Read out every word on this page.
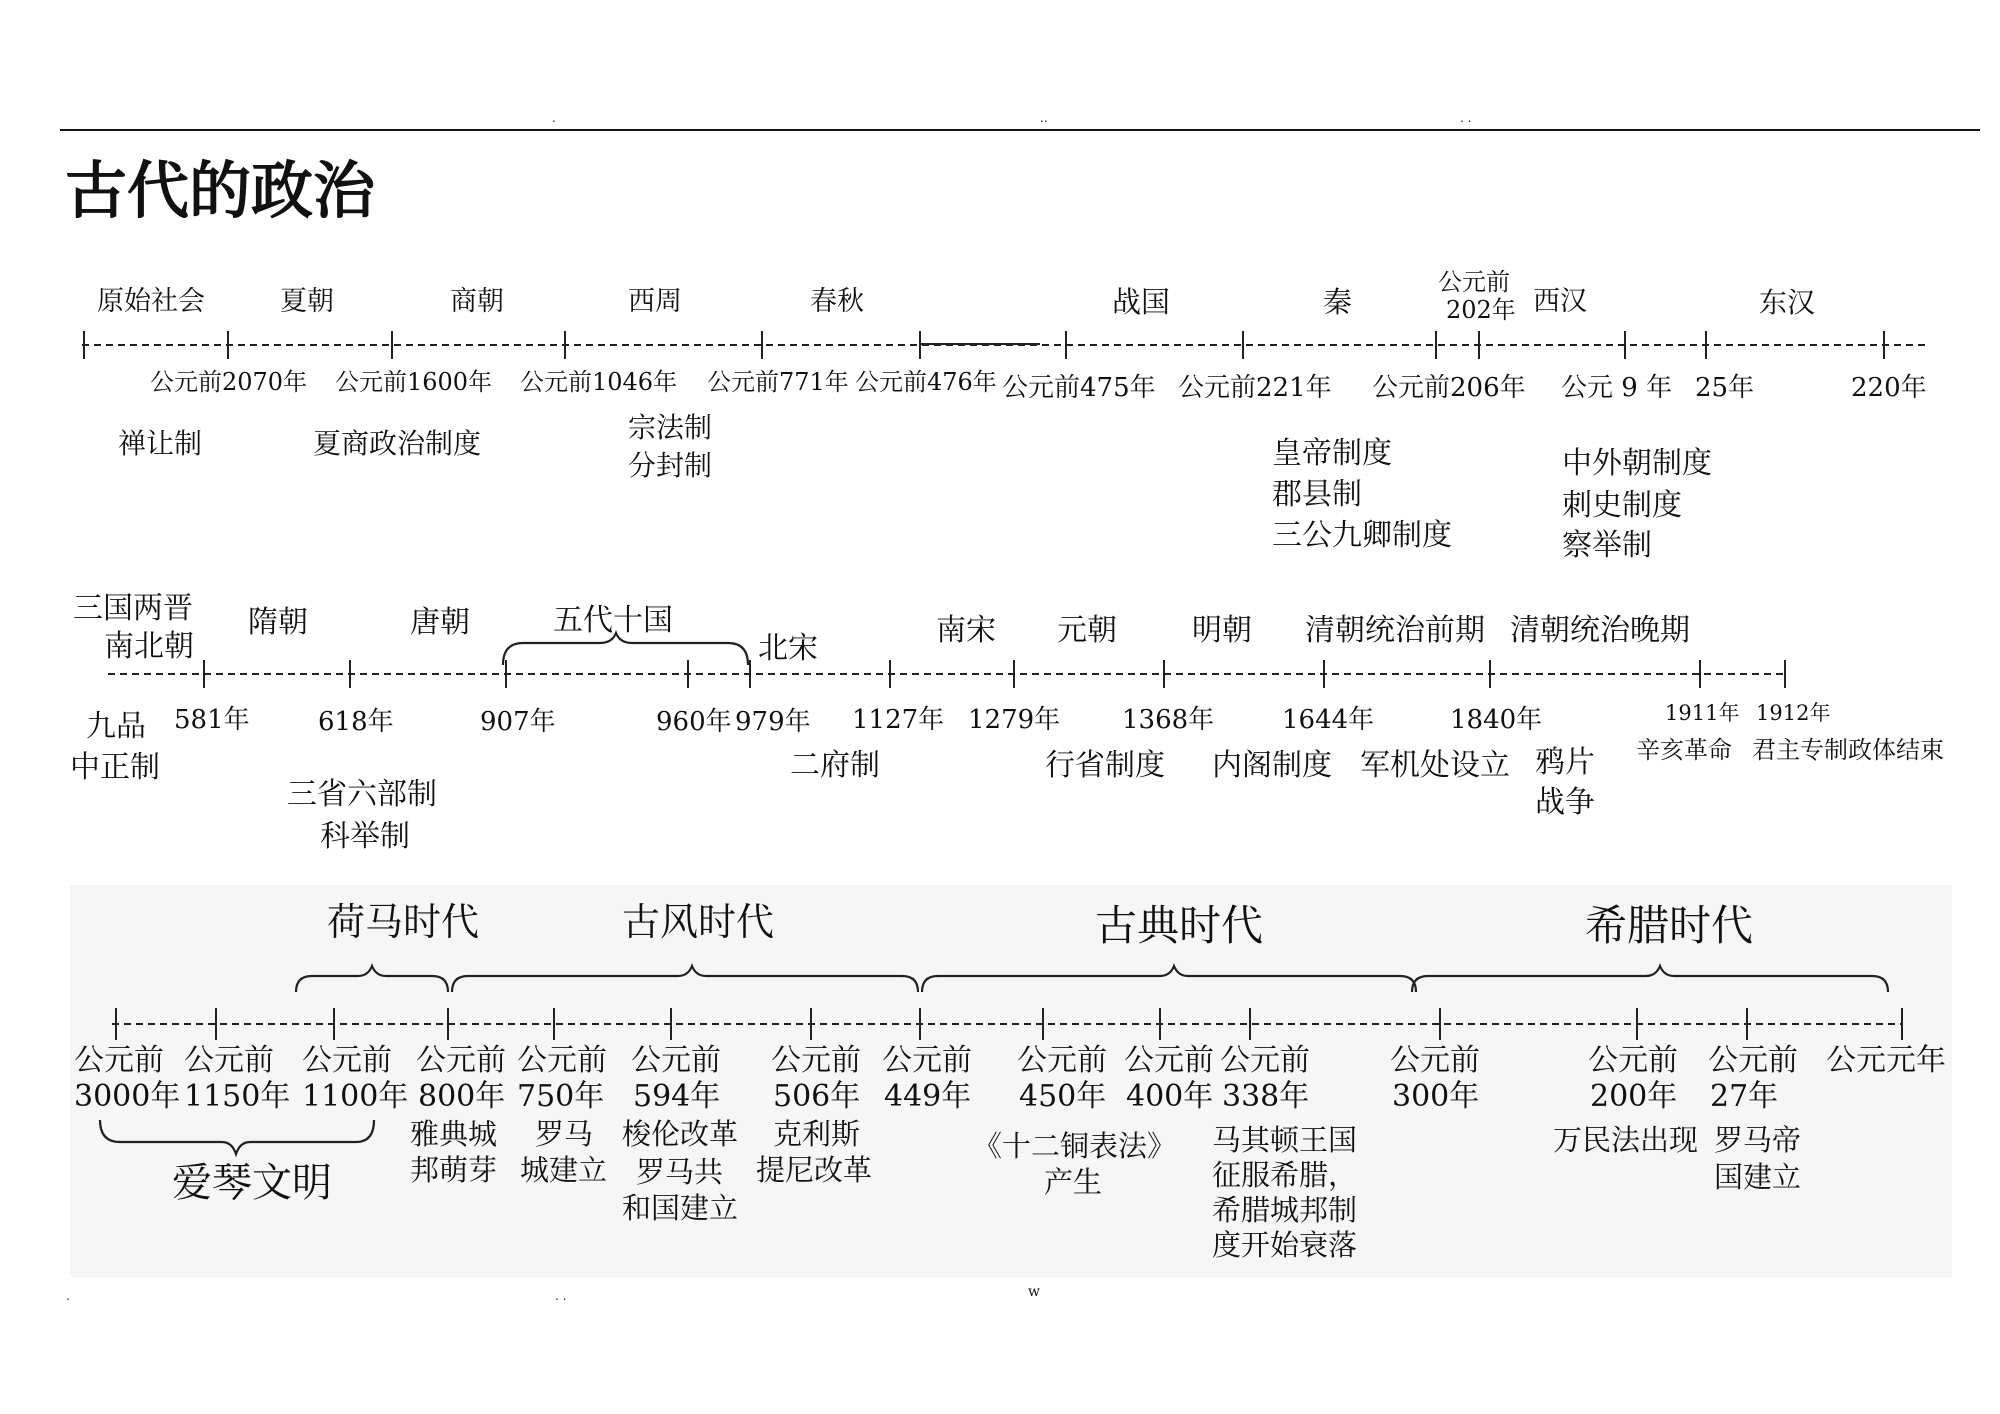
.	..	. .
古代的政治
原始社会	夏朝	商朝	西周	春秋	战国	秦
公元前
202年 西汉	东汉
公元前2070年 公元前1600年 公元前1046年 公元前771年 公元前476年 公元前475年 公元前221年 公元前206年 公元 9 年 25年	220年
禅让制	夏商政治制度	宗法制
分封制	皇帝制度
郡县制
三公九卿制度
中外朝制度
刺史制度
察举制
三国两晋
南北朝
隋朝	唐朝	五代十国
北宋
南宋 元朝	明朝 清朝统治前期 清朝统治晚期
581年	618年	907年	960年 979年 1127年 1279年 1368年	1644年	1840年	1911年 1912年
九品
中正制
三省六部制
科举制
二府制	行省制度 内阁制度 军机处设立 鸦片
战争
辛亥革命 君主专制政体结束
荷马时代	古风时代	古典时代	希腊时代
公元前 公元前 公元前 公元前 公元前 公元前 公元前 公元前 公元前 公元前 公元前	公元前	公元前 公元前 公元元年
3000年 1150年 1100年 800年 750年 594年 506年 449年 450年 400年 338年	300年	200年 27年
爱琴文明
雅典城
邦萌芽
罗马
城建立
梭伦改革
罗马共
和国建立
克利斯
提尼改革
《十二铜表法》
产生
马其顿王国
征服希腊，
希腊城邦制
度开始衰落
万民法出现 罗马帝
国建立
.	. .	w
